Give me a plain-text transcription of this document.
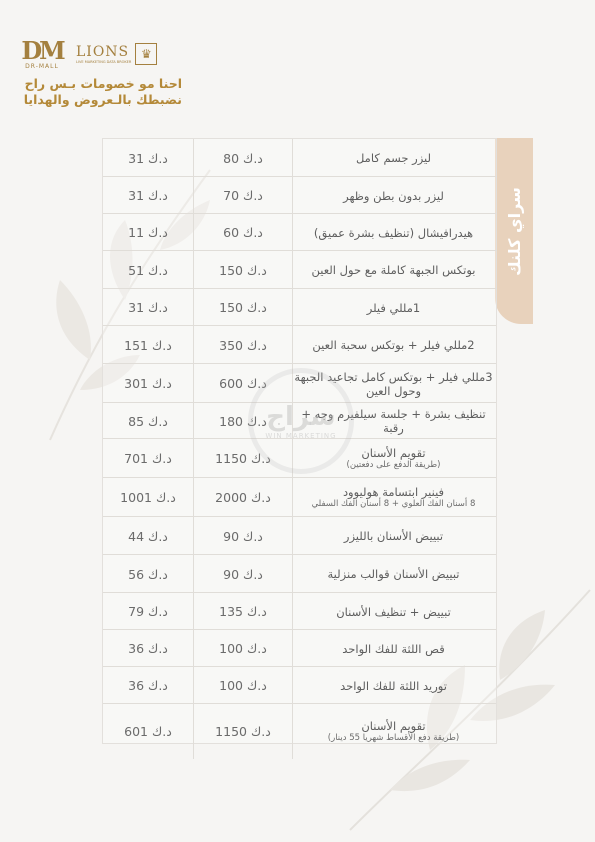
DM
DR-MALL
LIONS
LIVE MARKETING DATA BROKER
♛
احنا مو خصومات بـس راح
نضبطك بالـعروض والهدايا
سراي كلنك
31 د.ك	80 د.ك	ليزر جسم كامل
31 د.ك	70 د.ك	ليزر بدون بطن وظهر
11 د.ك	60 د.ك	هيدرافيشال (تنظيف بشرة عميق)
51 د.ك	150 د.ك	بوتكس الجبهة كاملة مع حول العين
31 د.ك	150 د.ك	1مللي فيلر
151 د.ك	350 د.ك	2مللي فيلر + بوتكس سحبة العين
301 د.ك	600 د.ك	3مللي فيلر + بوتكس كامل تجاعيد الجبهة وحول العين
85 د.ك	180 د.ك	تنظيف بشرة + جلسة سيلفيرم وجه + رقبة
701 د.ك	1150 د.ك	تقويم الأسنان
(طريقة الدفع على دفعتين)
1001 د.ك	2000 د.ك	فينير ابتسامة هوليوود
8 أسنان الفك العلوي + 8 أسنان الفك السفلي
44 د.ك	90 د.ك	تبييض الأسنان بالليزر
56 د.ك	90 د.ك	تبييض الأسنان قوالب منزلية
79 د.ك	135 د.ك	تبييض + تنظيف الأسنان
36 د.ك	100 د.ك	قص اللثة للفك الواحد
36 د.ك	100 د.ك	توريد اللثة للفك الواحد
601 د.ك	1150 د.ك	تقويم الأسنان
(طريقة دفع الأقساط شهريا 55 دينار)
سراج
WIN MARKETING
